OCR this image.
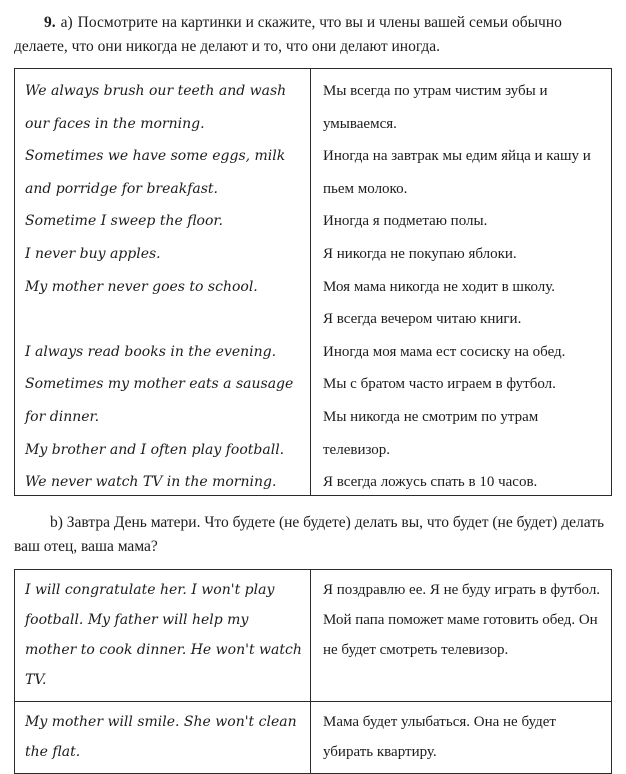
9. а) Посмотрите на картинки и скажите, что вы и члены вашей семьи обычно делаете, что они никогда не делают и то, что они делают иногда.

We always brush our teeth and wash our faces in the morning.

Sometimes we have some eggs, milk and porridge for breakfast.

Sometime I sweep the floor.

I never buy apples.

My mother never goes to school.

I always read books in the evening.

Sometimes my mother eats a sausage for dinner.

My brother and I often play football.

We never watch TV in the morning.

Мы всегда по утрам чистим зубы и умываемся.

Иногда на завтрак мы едим яйца и кашу и пьем молоко.

Иногда я подметаю полы.

Я никогда не покупаю яблоки.

Моя мама никогда не ходит в школу.

Я всегда вечером читаю книги.

Иногда моя мама ест сосиску на обед.

Мы с братом часто играем в футбол.

Мы никогда не смотрим по утрам телевизор.

Я всегда ложусь спать в 10 часов.

b) Завтра День матери. Что будете (не будете) делать вы, что будет (не будет) делать ваш отец, ваша мама?

I will congratulate her. I won't play football. My father will help my mother to cook dinner. He won't watch TV.
Я поздравлю ее. Я не буду играть в футбол. Мой папа поможет маме готовить обед. Он не будет смотреть телевизор.
My mother will smile. She won't clean the flat.
Мама будет улыбаться. Она не будет убирать квартиру.
